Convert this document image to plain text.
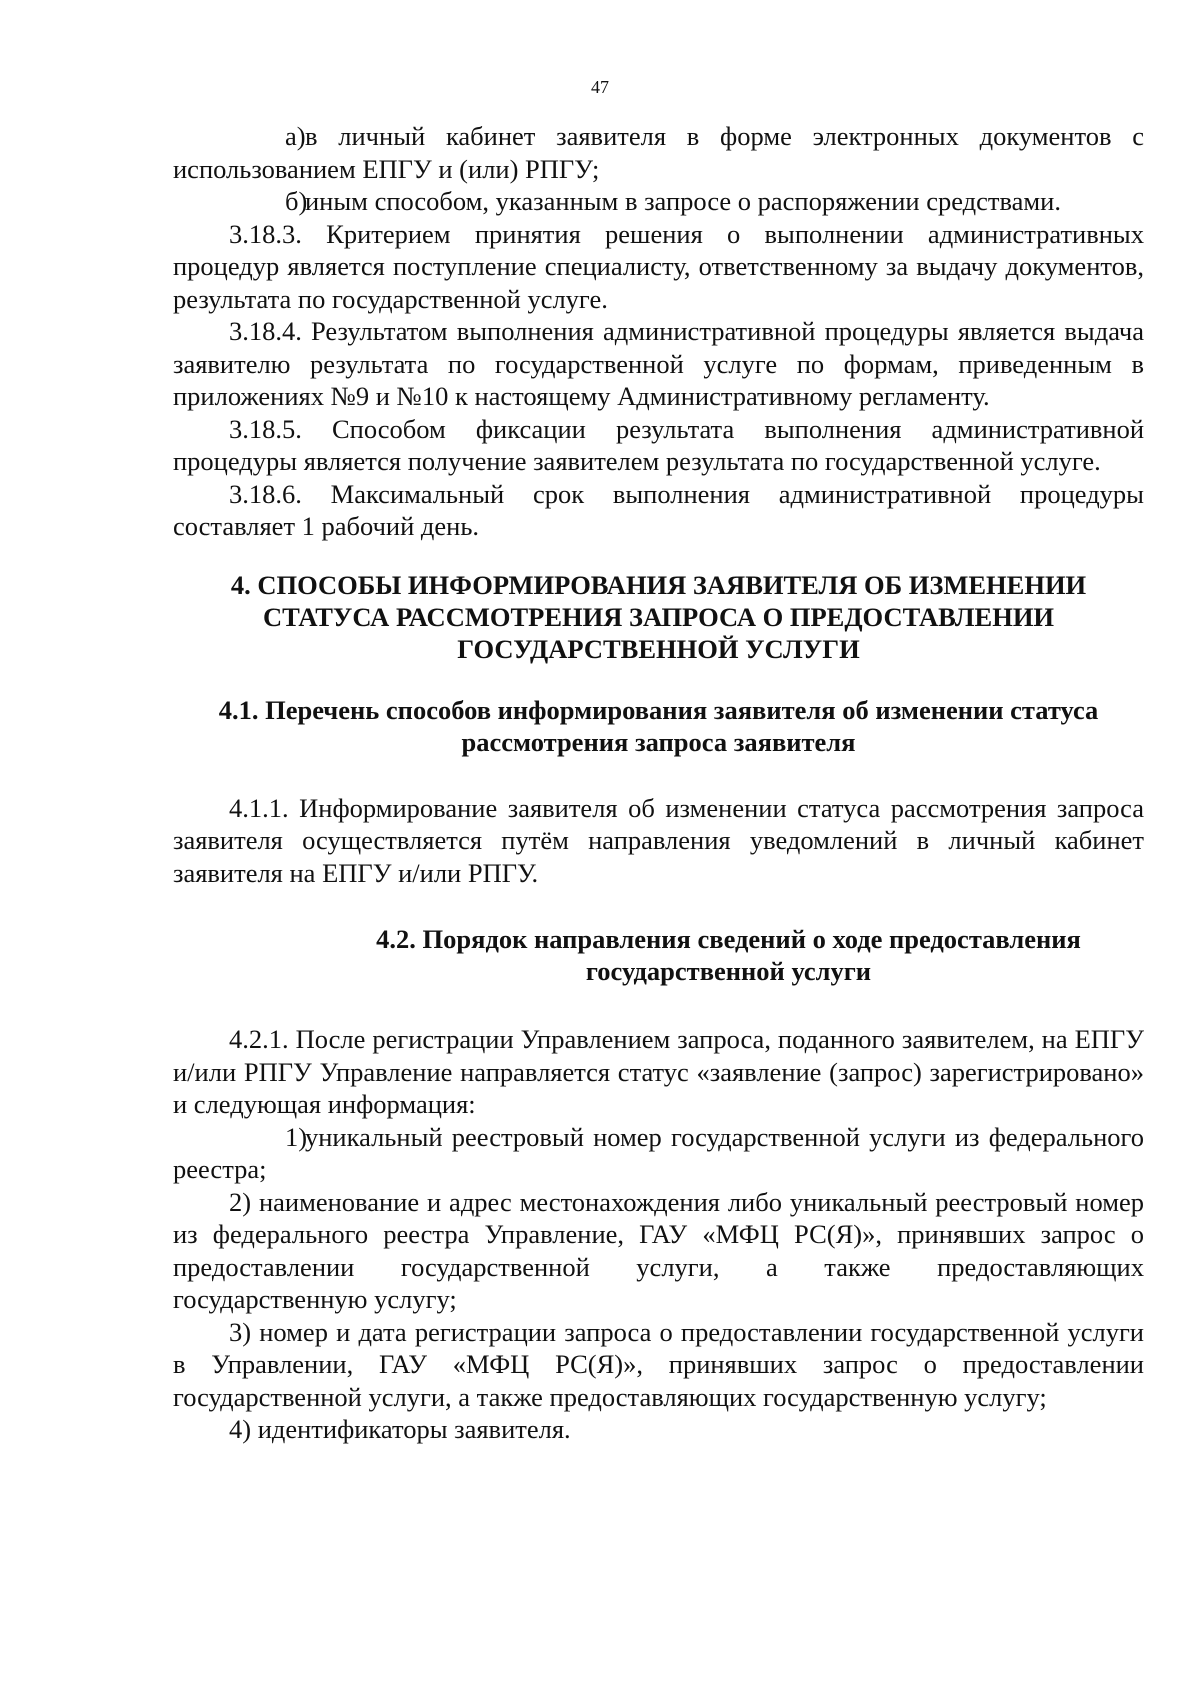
47

а)в личный кабинет заявителя в форме электронных документов с использованием ЕПГУ и (или) РПГУ;

б)иным способом, указанным в запросе о распоряжении средствами.

3.18.3. Критерием принятия решения о выполнении административных процедур является поступление специалисту, ответственному за выдачу документов, результата по государственной услуге.

3.18.4. Результатом выполнения административной процедуры является выдача заявителю результата по государственной услуге по формам, приведенным в приложениях №9 и №10 к настоящему Административному регламенту.

3.18.5. Способом фиксации результата выполнения административной процедуры является получение заявителем результата по государственной услуге.

3.18.6. Максимальный срок выполнения административной процедуры составляет 1 рабочий день.

4. СПОСОБЫ ИНФОРМИРОВАНИЯ ЗАЯВИТЕЛЯ ОБ ИЗМЕНЕНИИ
СТАТУСА РАССМОТРЕНИЯ ЗАПРОСА О ПРЕДОСТАВЛЕНИИ
ГОСУДАРСТВЕННОЙ УСЛУГИ
4.1. Перечень способов информирования заявителя об изменении статуса
рассмотрения запроса заявителя

4.1.1. Информирование заявителя об изменении статуса рассмотрения запроса заявителя осуществляется путём направления уведомлений в личный кабинет заявителя на ЕПГУ и/или РПГУ.

4.2. Порядок направления сведений о ходе предоставления
государственной услуги

4.2.1. После регистрации Управлением запроса, поданного заявителем, на ЕПГУ и/или РПГУ Управление направляется статус «заявление (запрос) зарегистрировано» и следующая информация:

1)уникальный реестровый номер государственной услуги из федерального реестра;

2) наименование и адрес местонахождения либо уникальный реестровый номер из федерального реестра Управление, ГАУ «МФЦ РС(Я)», принявших запрос о предоставлении государственной услуги, а также предоставляющих государственную услугу;

3) номер и дата регистрации запроса о предоставлении государственной услуги в Управлении, ГАУ «МФЦ РС(Я)», принявших запрос о предоставлении государственной услуги, а также предоставляющих государственную услугу;

4) идентификаторы заявителя.
